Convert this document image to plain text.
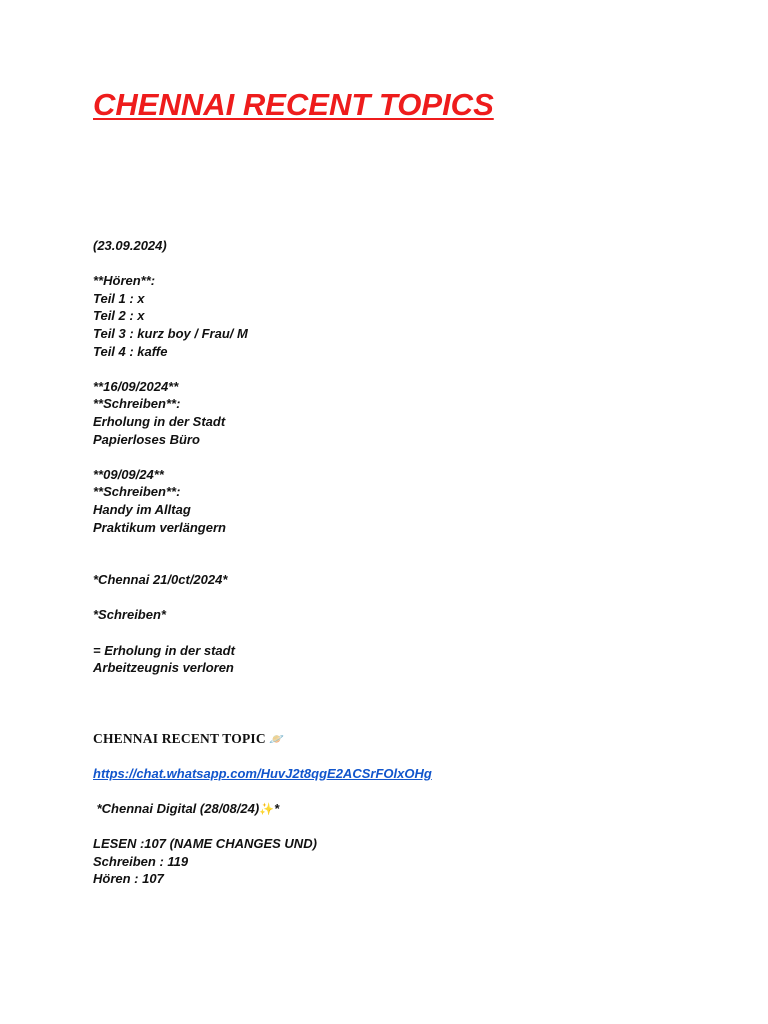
CHENNAI RECENT TOPICS
(23.09.2024)
**Hören**:
Teil 1 : x
Teil 2 : x
Teil 3 : kurz boy / Frau/ M
Teil 4 : kaffe
**16/09/2024**
**Schreiben**:
Erholung in der Stadt
Papierloses Büro
**09/09/24**
**Schreiben**:
Handy im Alltag
Praktikum verlängern
*Chennai 21/0ct/2024*
*Schreiben*
= Erholung in der stadt
Arbeitzeugnis verloren
CHENNAI RECENT TOPIC 🪐
https://chat.whatsapp.com/HuvJ2t8qgE2ACSrFOlxOHg
*Chennai Digital (28/08/24)✨*
LESEN :107 (NAME CHANGES UND)
Schreiben : 119
Hören : 107
